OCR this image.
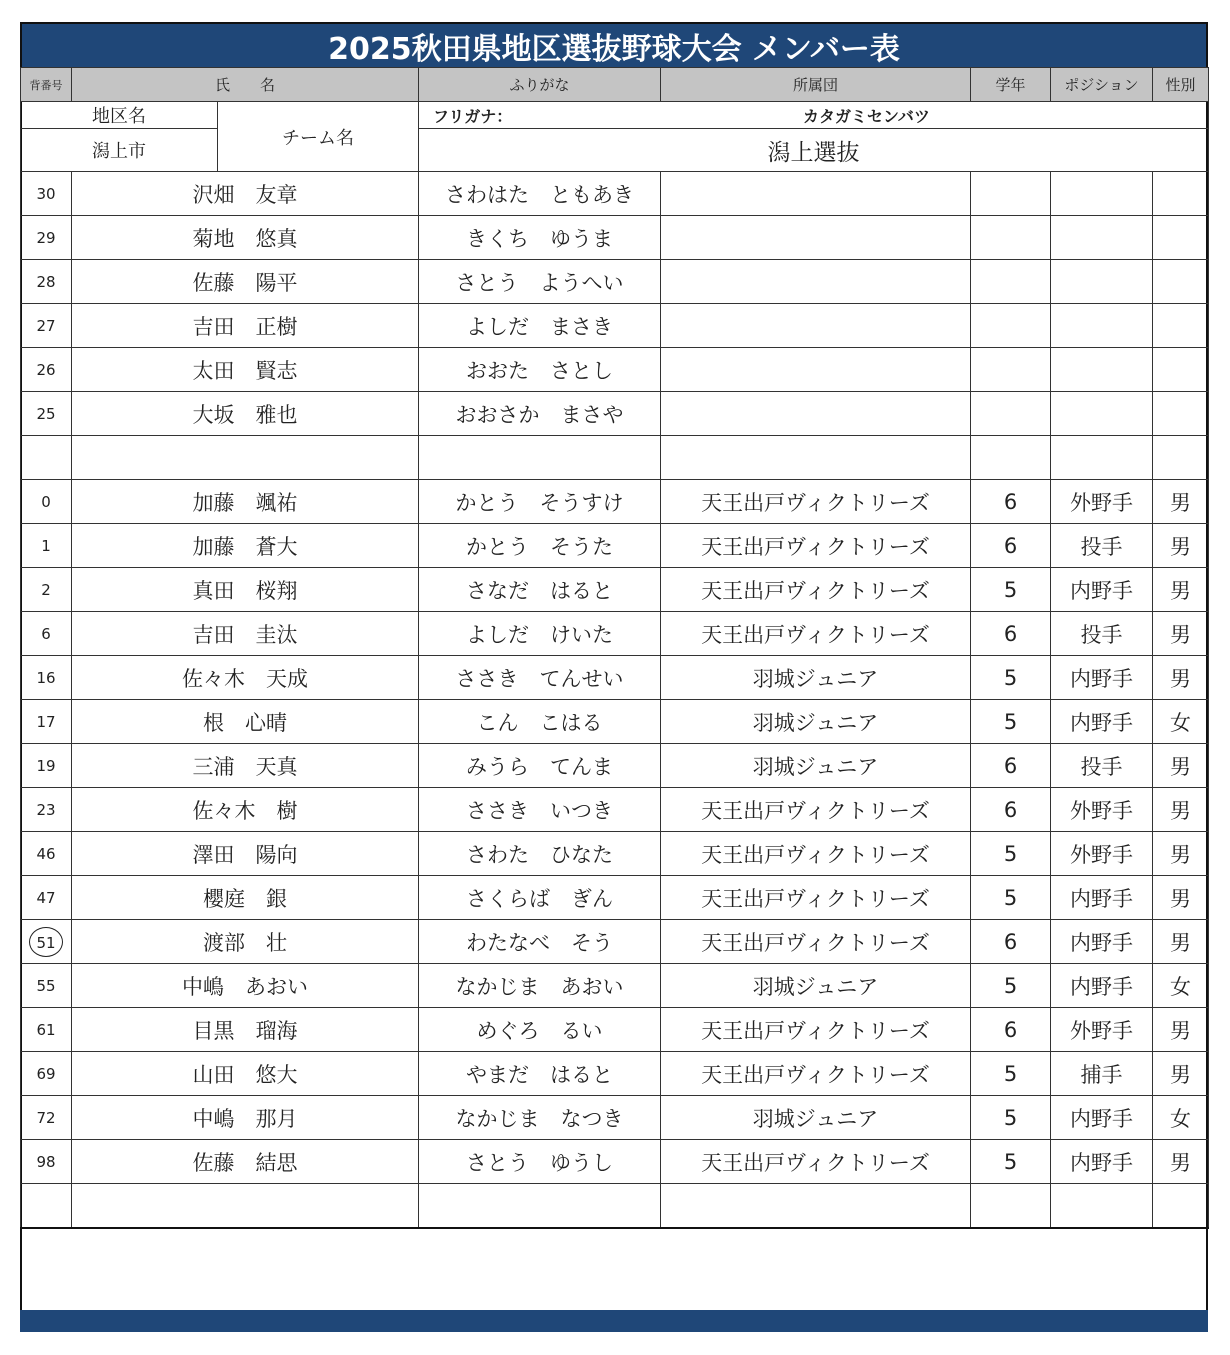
2025秋田県地区選抜野球大会 メンバー表
地区名		チーム名	フリガナ： カタガミセンバツ				

潟上市			潟上選抜				
背番号	氏　　名		ふりがな	所属団	学年	ポジション	性別
30	沢畑　友章		さわはた　ともあき				
29	菊地　悠真		きくち　ゆうま				
28	佐藤　陽平		さとう　ようへい				
27	吉田　正樹		よしだ　まさき				
26	太田　賢志		おおた　さとし				
25	大坂　雅也		おおさか　まさや				

0	加藤　颯祐		かとう　そうすけ	天王出戸ヴィクトリーズ	6	外野手	男
1	加藤　蒼大		かとう　そうた	天王出戸ヴィクトリーズ	6	投手	男
2	真田　桜翔		さなだ　はると	天王出戸ヴィクトリーズ	5	内野手	男
6	吉田　圭汰		よしだ　けいた	天王出戸ヴィクトリーズ	6	投手	男
16	佐々木　天成		ささき　てんせい	羽城ジュニア	5	内野手	男
17	根　心晴		こん　こはる	羽城ジュニア	5	内野手	女
19	三浦　天真		みうら　てんま	羽城ジュニア	6	投手	男
23	佐々木　樹		ささき　いつき	天王出戸ヴィクトリーズ	6	外野手	男
46	澤田　陽向		さわた　ひなた	天王出戸ヴィクトリーズ	5	外野手	男
47	櫻庭　銀		さくらば　ぎん	天王出戸ヴィクトリーズ	5	内野手	男
51	渡部　壮		わたなべ　そう	天王出戸ヴィクトリーズ	6	内野手	男
55	中嶋　あおい		なかじま　あおい	羽城ジュニア	5	内野手	女
61	目黒　瑠海		めぐろ　るい	天王出戸ヴィクトリーズ	6	外野手	男
69	山田　悠大		やまだ　はると	天王出戸ヴィクトリーズ	5	捕手	男
72	中嶋　那月		なかじま　なつき	羽城ジュニア	5	内野手	女
98	佐藤　結思		さとう　ゆうし	天王出戸ヴィクトリーズ	5	内野手	男
